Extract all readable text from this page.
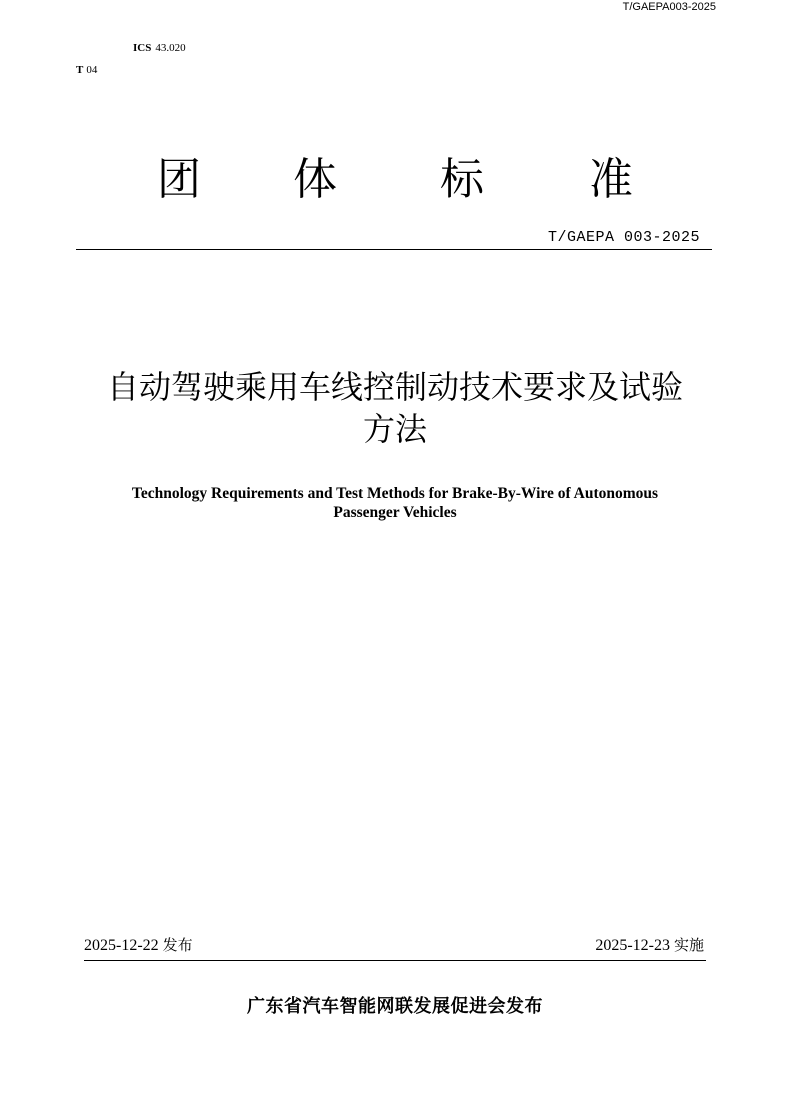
T/GAEPA003-2025
ICS 43.020
T 04
团 体 标 准
T/GAEPA 003-2025
自动驾驶乘用车线控制动技术要求及试验
方法
Technology Requirements and Test Methods for Brake-By-Wire of Autonomous
Passenger Vehicles
2025-12-22 发布	2025-12-23 实施
广东省汽车智能网联发展促进会发布
